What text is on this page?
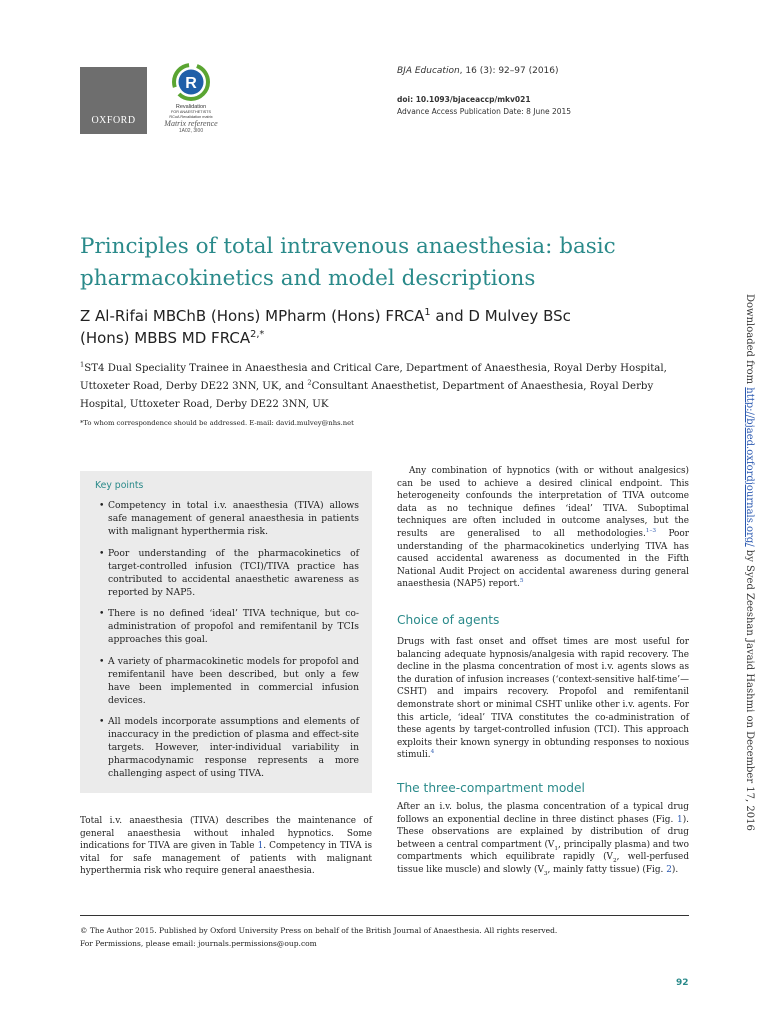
OXFORD
R
Revalidation
FOR ANAESTHETISTS
RCoA Revalidation matrix
Matrix reference
1A02, 3I00
BJA Education, 16 (3): 92–97 (2016)
doi: 10.1093/bjaceaccp/mkv021
Advance Access Publication Date: 8 June 2015
Principles of total intravenous anaesthesia: basic
pharmacokinetics and model descriptions
Z Al-Rifai MBChB (Hons) MPharm (Hons) FRCA$^1$ and D Mulvey BSc
(Hons) MBBS MD $FRCA^{2,*}$
$^1$ST4 Dual Speciality Trainee in Anaesthesia and Critical Care, Department of Anaesthesia, Royal Derby Hospital, Uttoxeter Road, Derby DE22 3NN, UK, and $^2$Consultant Anaesthetist, Department of Anaesthesia, Royal Derby Hospital, Uttoxeter Road, Derby DE22 3NN, UK
*To whom correspondence should be addressed. E-mail: david.mulvey@nhs.net
Downloaded from http://bjaed.oxfordjournals.org/ by Syed Zeeshan Javaid Hashmi on December 17, 2016
Key points
• Competency in total i.v. anaesthesia (TIVA) allows safe management of general anaesthesia in patients with malignant hyperthermia risk.
• Poor understanding of the pharmacokinetics of target-controlled infusion (TCI)/TIVA practice has contributed to accidental anaesthetic awareness as reported by NAP5.
• There is no defined ‘ideal’ TIVA technique, but co-administration of propofol and remifentanil by TCIs approaches this goal.
• A variety of pharmacokinetic models for propofol and remifentanil have been described, but only a few have been implemented in commercial infusion devices.
• All models incorporate assumptions and elements of inaccuracy in the prediction of plasma and effect-site targets. However, inter-individual variability in pharmacodynamic response represents a more challenging aspect of using TIVA.
Total i.v. anaesthesia (TIVA) describes the maintenance of general anaesthesia without inhaled hypnotics. Some indications for TIVA are given in Table 1. Competency in TIVA is vital for safe management of patients with malignant hyperthermia risk who require general anaesthesia.
Any combination of hypnotics (with or without analgesics) can be used to achieve a desired clinical endpoint. This heterogeneity confounds the interpretation of TIVA outcome data as no technique defines ‘ideal’ TIVA. Suboptimal techniques are often included in outcome analyses, but the results are generalised to all methodologies.$^{1-3}$ Poor understanding of the pharmacokinetics underlying TIVA has caused accidental awareness as documented in the Fifth National Audit Project on accidental awareness during general anaesthesia (NAP5) report.$^5$
Choice of agents
Drugs with fast onset and offset times are most useful for balancing adequate hypnosis/analgesia with rapid recovery. The decline in the plasma concentration of most i.v. agents slows as the duration of infusion increases (‘context-sensitive half-time’—CSHT) and impairs recovery. Propofol and remifentanil demonstrate short or minimal CSHT unlike other i.v. agents. For this article, ‘ideal’ TIVA constitutes the co-administration of these agents by target-controlled infusion (TCI). This approach exploits their known synergy in obtunding responses to noxious stimuli.$^4$
The three-compartment model
After an i.v. bolus, the plasma concentration of a typical drug follows an exponential decline in three distinct phases (Fig. 1). These observations are explained by distribution of drug between a central compartment ($V_1$, principally plasma) and two compartments which equilibrate rapidly ($V_2$, well-perfused tissue like muscle) and slowly ($V_3$, mainly fatty tissue) (Fig. 2).
© The Author 2015. Published by Oxford University Press on behalf of the British Journal of Anaesthesia. All rights reserved.
For Permissions, please email: journals.permissions@oup.com
92
